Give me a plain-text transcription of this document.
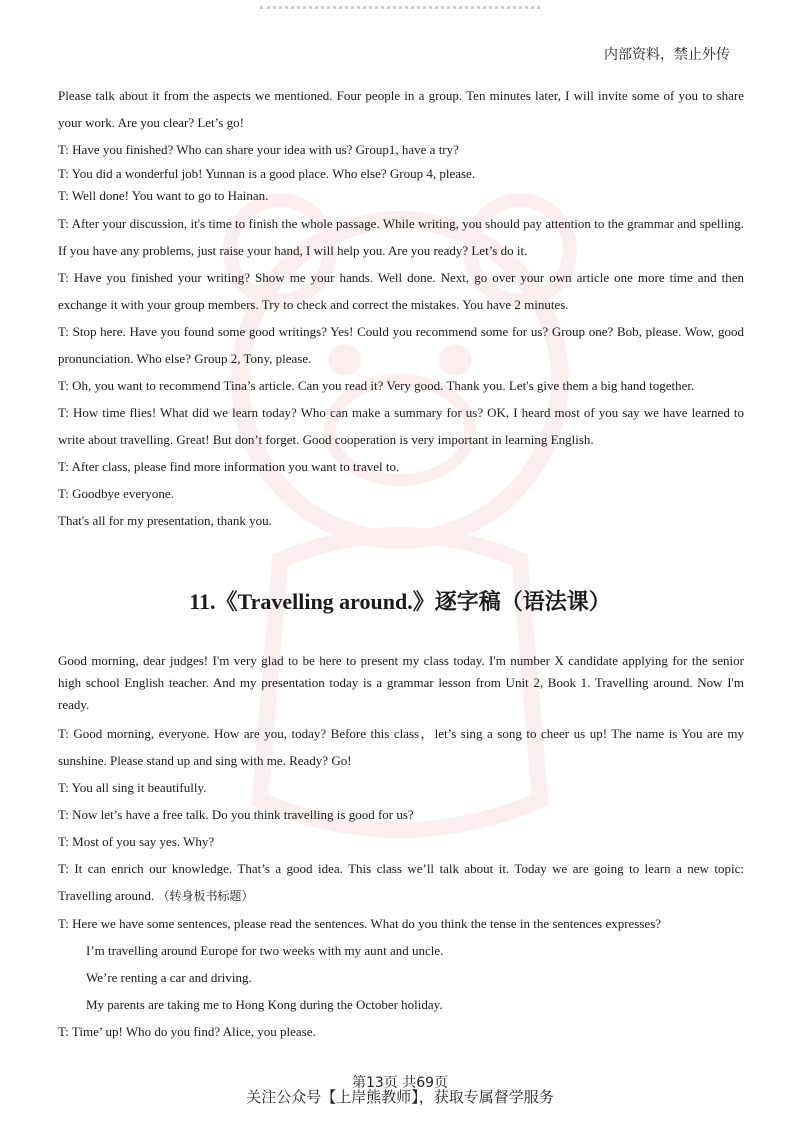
内部资料，禁止外传

Please talk about it from the aspects we mentioned. Four people in a group. Ten minutes later, I will invite some of you to share your work. Are you clear? Let’s go!

T: Have you finished? Who can share your idea with us? Group1, have a try?

T: You did a wonderful job! Yunnan is a good place. Who else? Group 4, please.

T: Well done! You want to go to Hainan.

T: After your discussion, it's time to finish the whole passage. While writing, you should pay attention to the grammar and spelling. If you have any problems, just raise your hand, I will help you. Are you ready? Let’s do it.

T: Have you finished your writing? Show me your hands. Well done. Next, go over your own article one more time and then exchange it with your group members. Try to check and correct the mistakes. You have 2 minutes.

T: Stop here. Have you found some good writings? Yes! Could you recommend some for us? Group one? Bob, please. Wow, good pronunciation. Who else? Group 2, Tony, please.

T: Oh, you want to recommend Tina’s article. Can you read it? Very good. Thank you. Let's give them a big hand together.

T: How time flies! What did we learn today? Who can make a summary for us? OK, I heard most of you say we have learned to write about travelling. Great! But don’t forget. Good cooperation is very important in learning English.

T: After class, please find more information you want to travel to.

T: Goodbye everyone.

That's all for my presentation, thank you.

11.《Travelling around.》逐字稿（语法课）

Good morning, dear judges! I'm very glad to be here to present my class today. I'm number X candidate applying for the senior high school English teacher. And my presentation today is a grammar lesson from Unit 2, Book 1. Travelling around. Now I'm ready.

T: Good morning, everyone. How are you, today? Before this class，let’s sing a song to cheer us up! The name is You are my sunshine. Please stand up and sing with me. Ready? Go!

T: You all sing it beautifully.

T: Now let’s have a free talk. Do you think travelling is good for us?

T: Most of you say yes. Why?

T: It can enrich our knowledge. That’s a good idea. This class we’ll talk about it. Today we are going to learn a new topic: Travelling around. （转身板书标题）

T: Here we have some sentences, please read the sentences. What do you think the tense in the sentences expresses?

I’m travelling around Europe for two weeks with my aunt and uncle.

We’re renting a car and driving.

My parents are taking me to Hong Kong during the October holiday.

T: Time’ up! Who do you find? Alice, you please.

第13页 共69页
关注公众号【上岸熊教师】，获取专属督学服务
